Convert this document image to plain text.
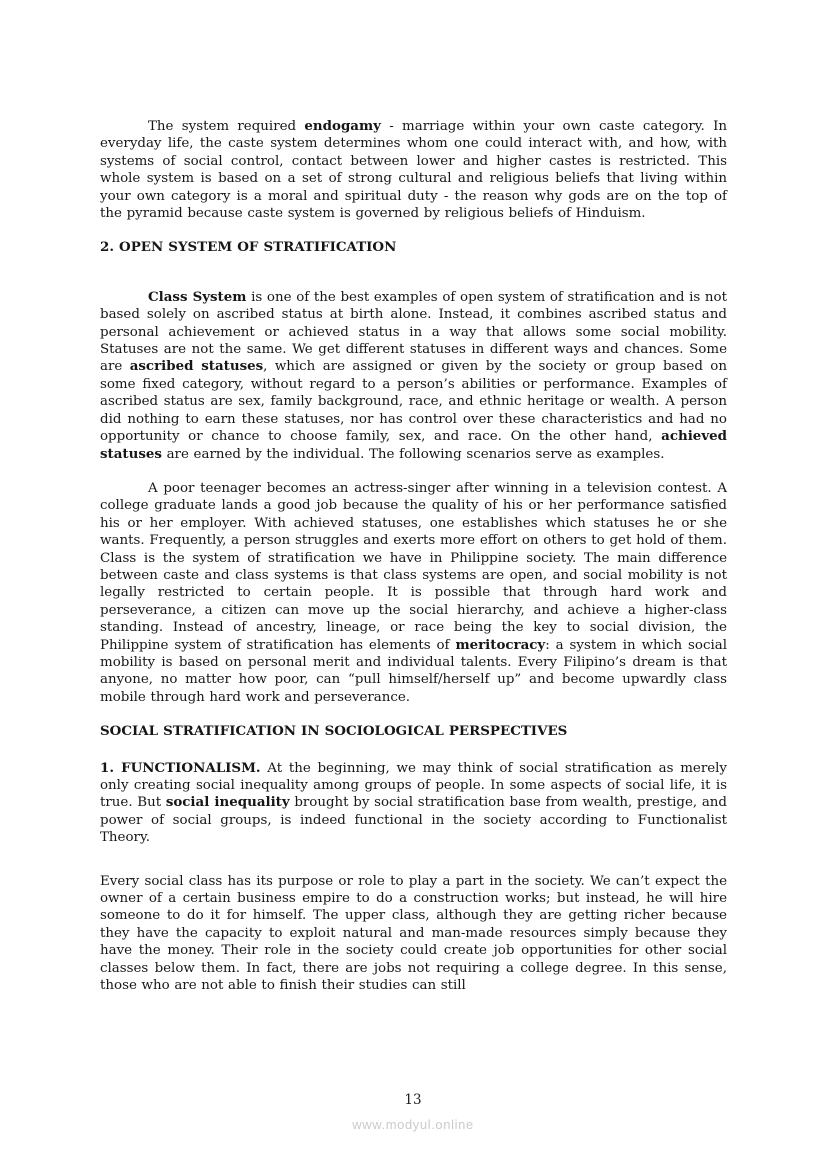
The system required endogamy - marriage within your own caste category. In everyday life, the caste system determines whom one could interact with, and how, with systems of social control, contact between lower and higher castes is restricted. This whole system is based on a set of strong cultural and religious beliefs that living within your own category is a moral and spiritual duty - the reason why gods are on the top of the pyramid because caste system is governed by religious beliefs of Hinduism.

2. OPEN SYSTEM OF STRATIFICATION

Class System is one of the best examples of open system of stratification and is not based solely on ascribed status at birth alone. Instead, it combines ascribed status and personal achievement or achieved status in a way that allows some social mobility. Statuses are not the same. We get different statuses in different ways and chances. Some are ascribed statuses, which are assigned or given by the society or group based on some fixed category, without regard to a person’s abilities or performance. Examples of ascribed status are sex, family background, race, and ethnic heritage or wealth. A person did nothing to earn these statuses, nor has control over these characteristics and had no opportunity or chance to choose family, sex, and race. On the other hand, achieved statuses are earned by the individual. The following scenarios serve as examples.

A poor teenager becomes an actress-singer after winning in a television contest. A college graduate lands a good job because the quality of his or her performance satisfied his or her employer. With achieved statuses, one establishes which statuses he or she wants. Frequently, a person struggles and exerts more effort on others to get hold of them. Class is the system of stratification we have in Philippine society. The main difference between caste and class systems is that class systems are open, and social mobility is not legally restricted to certain people. It is possible that through hard work and perseverance, a citizen can move up the social hierarchy, and achieve a higher-class standing. Instead of ancestry, lineage, or race being the key to social division, the Philippine system of stratification has elements of meritocracy: a system in which social mobility is based on personal merit and individual talents. Every Filipino’s dream is that anyone, no matter how poor, can “pull himself/herself up” and become upwardly class mobile through hard work and perseverance.

SOCIAL STRATIFICATION IN SOCIOLOGICAL PERSPECTIVES

1. FUNCTIONALISM. At the beginning, we may think of social stratification as merely only creating social inequality among groups of people. In some aspects of social life, it is true. But social inequality brought by social stratification base from wealth, prestige, and power of social groups, is indeed functional in the society according to Functionalist Theory.

Every social class has its purpose or role to play a part in the society. We can’t expect the owner of a certain business empire to do a construction works; but instead, he will hire someone to do it for himself. The upper class, although they are getting richer because they have the capacity to exploit natural and man-made resources simply because they have the money. Their role in the society could create job opportunities for other social classes below them. In fact, there are jobs not requiring a college degree. In this sense, those who are not able to finish their studies can still

13
www.modyul.online
